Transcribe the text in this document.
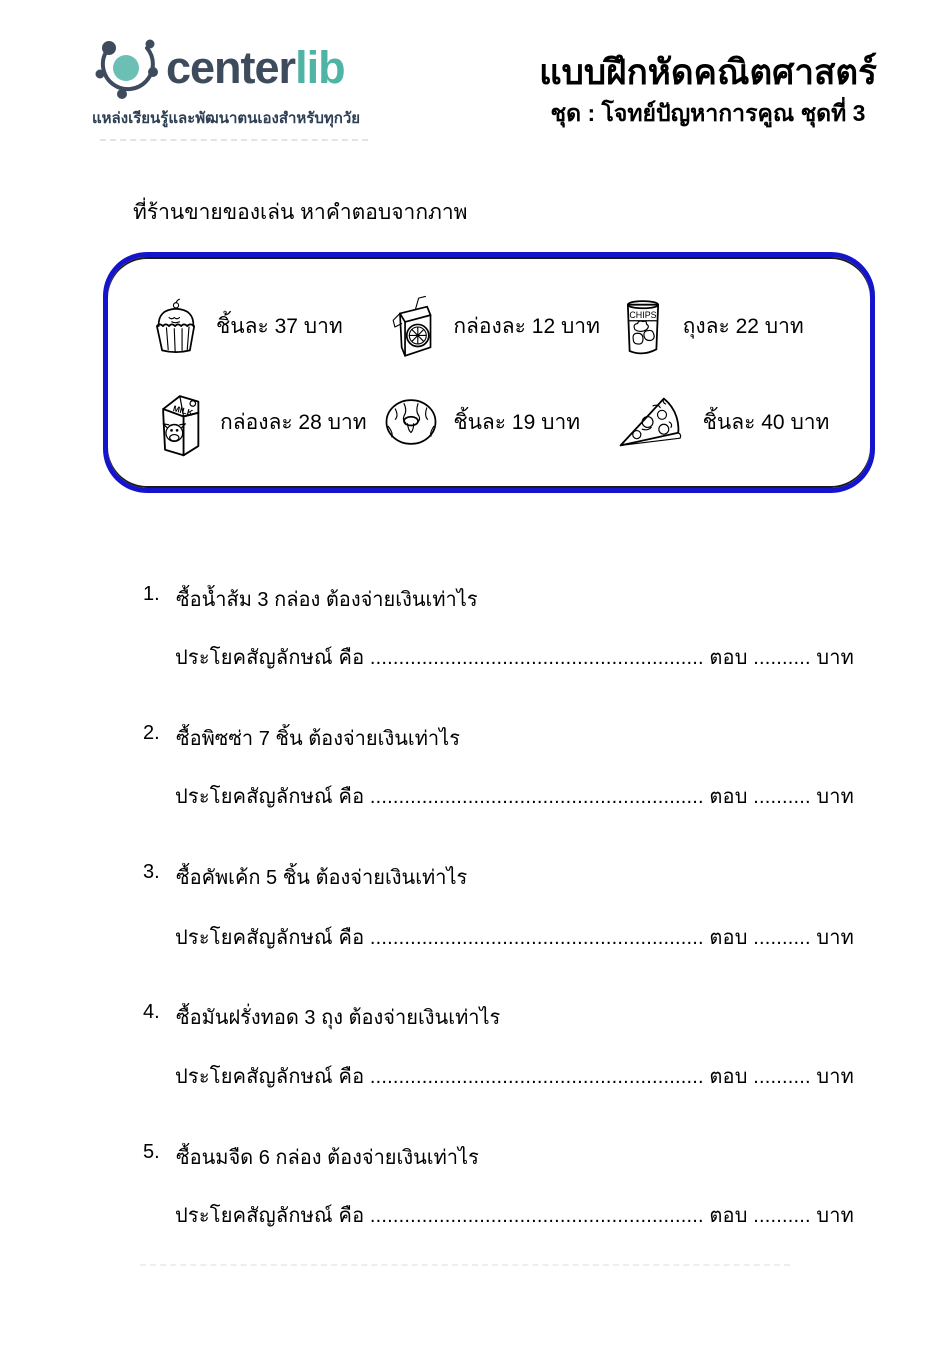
centerlib
แหล่งเรียนรู้และพัฒนาตนเองสำหรับทุกวัย
แบบฝึกหัดคณิตศาสตร์
ชุด : โจทย์ปัญหาการคูณ ชุดที่ 3
ที่ร้านขายของเล่น หาคำตอบจากภาพ
ชิ้นละ 37 บาท	กล่องละ 12 บาท
CHIPS
ถุงละ 22 บาท
MILK
กล่องละ 28 บาท	ชิ้นละ 19 บาท	ชิ้นละ 40 บาท
1. ซื้อน้ำส้ม 3 กล่อง ต้องจ่ายเงินเท่าไร
ประโยคสัญลักษณ์ คือ .......................................................... ตอบ .......... บาท
2. ซื้อพิซซ่า 7 ชิ้น ต้องจ่ายเงินเท่าไร
ประโยคสัญลักษณ์ คือ .......................................................... ตอบ .......... บาท
3. ซื้อคัพเค้ก 5 ชิ้น ต้องจ่ายเงินเท่าไร
ประโยคสัญลักษณ์ คือ .......................................................... ตอบ .......... บาท
4. ซื้อมันฝรั่งทอด 3 ถุง ต้องจ่ายเงินเท่าไร
ประโยคสัญลักษณ์ คือ .......................................................... ตอบ .......... บาท
5. ซื้อนมจืด 6 กล่อง ต้องจ่ายเงินเท่าไร
ประโยคสัญลักษณ์ คือ .......................................................... ตอบ .......... บาท
